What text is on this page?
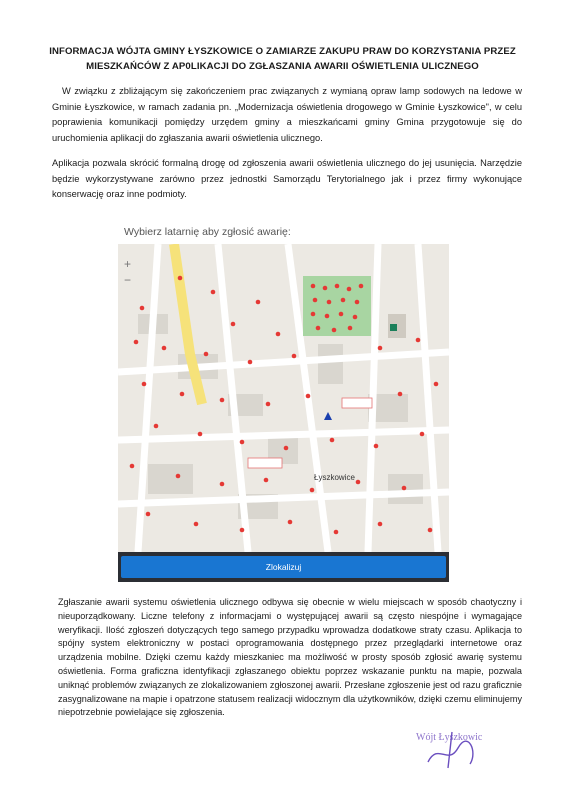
INFORMACJA WÓJTA GMINY ŁYSZKOWICE O ZAMIARZE ZAKUPU PRAW DO KORZYSTANIA PRZEZ
MIESZKAŃCÓW Z AP0LIKACJI DO ZGŁASZANIA AWARII OŚWIETLENIA ULICZNEGO

W związku z zbliżającym się zakończeniem prac związanych z wymianą opraw lamp sodowych na ledowe w Gminie Łyszkowice, w ramach zadania pn. „Modernizacja oświetlenia drogowego w Gminie Łyszkowice", w celu poprawienia komunikacji pomiędzy urzędem gminy a mieszkańcami gminy Gmina przygotowuje się do uruchomienia aplikacji do zgłaszania awarii oświetlenia ulicznego.

Aplikacja pozwala skrócić formalną drogę od zgłoszenia awarii oświetlenia ulicznego do jej usunięcia. Narzędzie będzie wykorzystywane zarówno przez jednostki Samorządu Terytorialnego jak i przez firmy wykonujące konserwację oraz inne podmioty.

Wybierz latarnię aby zgłosić awarię:
Łyszkowice
+
−
Zlokalizuj

Zgłaszanie awarii systemu oświetlenia ulicznego odbywa się obecnie w wielu miejscach w sposób chaotyczny i nieuporządkowany. Liczne telefony z informacjami o występującej awarii są często niespójne i wymagające weryfikacji. Ilość zgłoszeń dotyczących tego samego przypadku wprowadza dodatkowe straty czasu. Aplikacja to spójny system elektroniczny w postaci oprogramowania dostępnego przez przeglądarki internetowe oraz urządzenia mobilne. Dzięki czemu każdy mieszkaniec ma możliwość w prosty sposób zgłosić awarię systemu oświetlenia. Forma graficzna identyfikacji zgłaszanego obiektu poprzez wskazanie punktu na mapie, pozwala uniknąć problemów związanych ze zlokalizowaniem zgłoszonej awarii. Przesłane zgłoszenie jest od razu graficznie zasygnalizowane na mapie i opatrzone statusem realizacji widocznym dla użytkowników, dzięki czemu eliminujemy niepotrzebnie powielające się zgłoszenia.

Wójt Łyszkowic
